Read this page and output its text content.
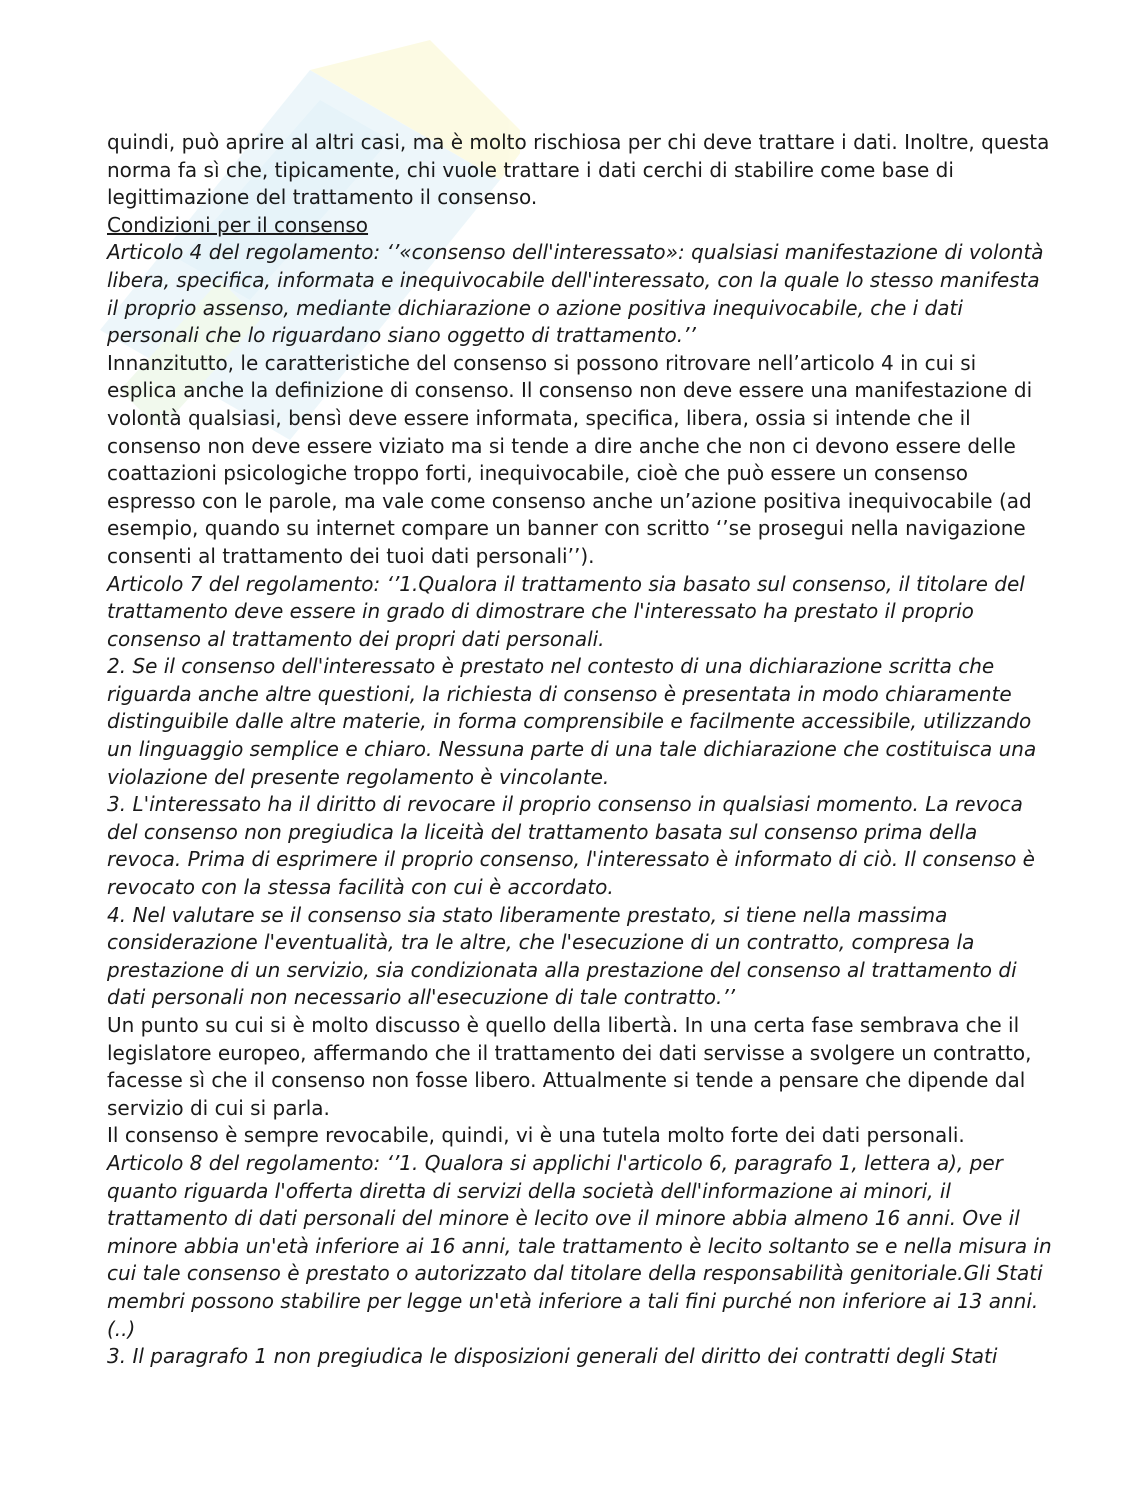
quindi, può aprire al altri casi, ma è molto rischiosa per chi deve trattare i dati. Inoltre, questa norma fa sì che, tipicamente, chi vuole trattare i dati cerchi di stabilire come base di legittimazione del trattamento il consenso.

Condizioni per il consenso

Articolo 4 del regolamento: ‘’«consenso dell'interessato»: qualsiasi manifestazione di volontà libera, specifica, informata e inequivocabile dell'interessato, con la quale lo stesso manifesta il proprio assenso, mediante dichiarazione o azione positiva inequivocabile, che i dati personali che lo riguardano siano oggetto di trattamento.’’

Innanzitutto, le caratteristiche del consenso si possono ritrovare nell’articolo 4 in cui si esplica anche la definizione di consenso. Il consenso non deve essere una manifestazione di volontà qualsiasi, bensì deve essere informata, specifica, libera, ossia si intende che il consenso non deve essere viziato ma si tende a dire anche che non ci devono essere delle coattazioni psicologiche troppo forti, inequivocabile, cioè che può essere un consenso espresso con le parole, ma vale come consenso anche un’azione positiva inequivocabile (ad esempio, quando su internet compare un banner con scritto ‘’se prosegui nella navigazione consenti al trattamento dei tuoi dati personali’’).

Articolo 7 del regolamento: ‘’1.Qualora il trattamento sia basato sul consenso, il titolare del trattamento deve essere in grado di dimostrare che l'interessato ha prestato il proprio consenso al trattamento dei propri dati personali.

2. Se il consenso dell'interessato è prestato nel contesto di una dichiarazione scritta che riguarda anche altre questioni, la richiesta di consenso è presentata in modo chiaramente distinguibile dalle altre materie, in forma comprensibile e facilmente accessibile, utilizzando un linguaggio semplice e chiaro. Nessuna parte di una tale dichiarazione che costituisca una violazione del presente regolamento è vincolante.

3. L'interessato ha il diritto di revocare il proprio consenso in qualsiasi momento. La revoca del consenso non pregiudica la liceità del trattamento basata sul consenso prima della revoca. Prima di esprimere il proprio consenso, l'interessato è informato di ciò. Il consenso è revocato con la stessa facilità con cui è accordato.

4. Nel valutare se il consenso sia stato liberamente prestato, si tiene nella massima considerazione l'eventualità, tra le altre, che l'esecuzione di un contratto, compresa la prestazione di un servizio, sia condizionata alla prestazione del consenso al trattamento di dati personali non necessario all'esecuzione di tale contratto.’’

Un punto su cui si è molto discusso è quello della libertà. In una certa fase sembrava che il legislatore europeo, affermando che il trattamento dei dati servisse a svolgere un contratto, facesse sì che il consenso non fosse libero. Attualmente si tende a pensare che dipende dal servizio di cui si parla.

Il consenso è sempre revocabile, quindi, vi è una tutela molto forte dei dati personali.

Articolo 8 del regolamento: ‘’1. Qualora si applichi l'articolo 6, paragrafo 1, lettera a), per quanto riguarda l'offerta diretta di servizi della società dell'informazione ai minori, il trattamento di dati personali del minore è lecito ove il minore abbia almeno 16 anni. Ove il minore abbia un'età inferiore ai 16 anni, tale trattamento è lecito soltanto se e nella misura in cui tale consenso è prestato o autorizzato dal titolare della responsabilità genitoriale.Gli Stati membri possono stabilire per legge un'età inferiore a tali fini purché non inferiore ai 13 anni. (..)

3. Il paragrafo 1 non pregiudica le disposizioni generali del diritto dei contratti degli Stati
